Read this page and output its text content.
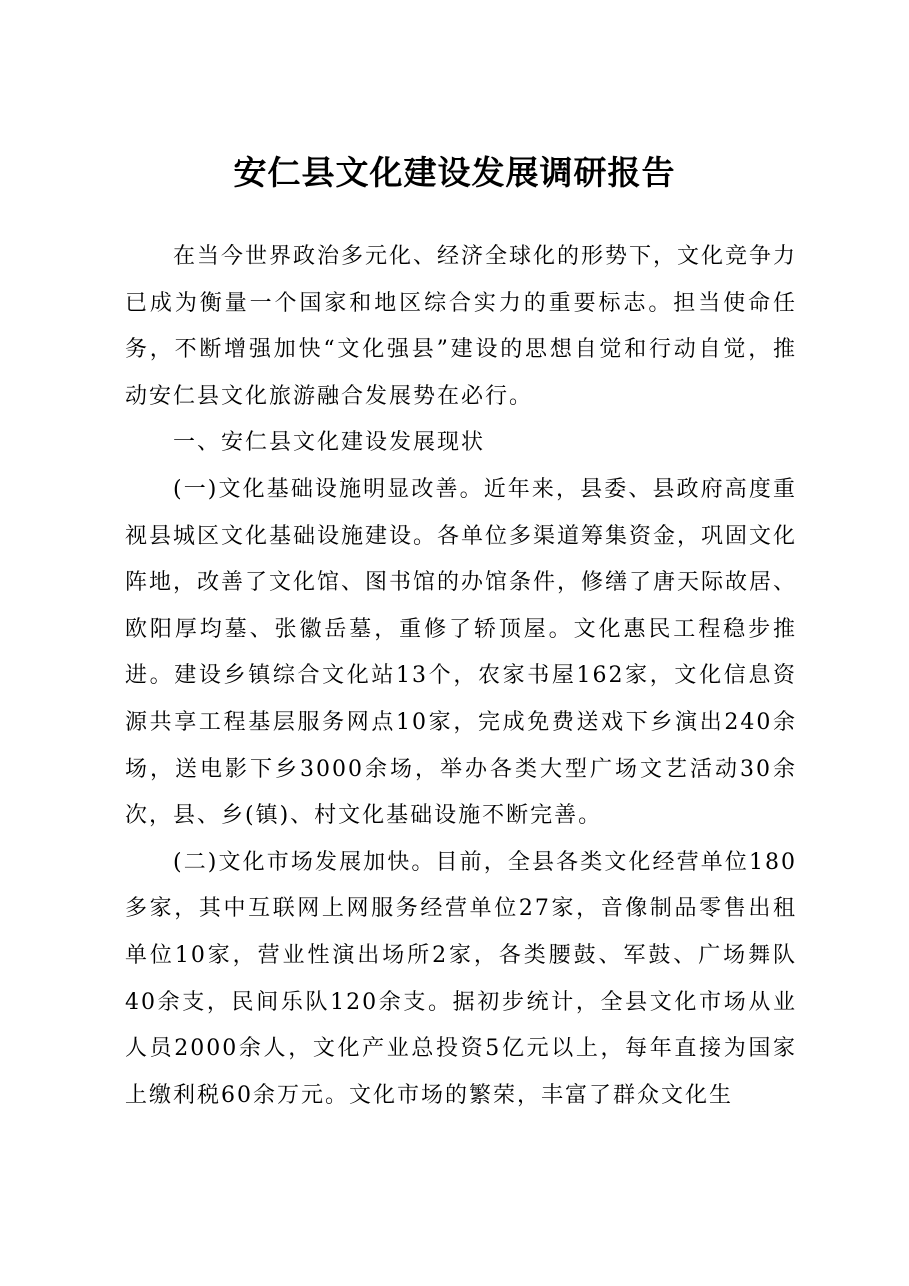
安仁县文化建设发展调研报告

在当今世界政治多元化、经济全球化的形势下，文化竞争力已成为衡量一个国家和地区综合实力的重要标志。担当使命任务，不断增强加快“文化强县”建设的思想自觉和行动自觉，推动安仁县文化旅游融合发展势在必行。

一、安仁县文化建设发展现状

(一)文化基础设施明显改善。近年来，县委、县政府高度重视县城区文化基础设施建设。各单位多渠道筹集资金，巩固文化阵地，改善了文化馆、图书馆的办馆条件，修缮了唐天际故居、欧阳厚均墓、张徽岳墓，重修了轿顶屋。文化惠民工程稳步推进。建设乡镇综合文化站13个，农家书屋162家，文化信息资源共享工程基层服务网点10家，完成免费送戏下乡演出240余场，送电影下乡3000余场，举办各类大型广场文艺活动30余次，县、乡(镇)、村文化基础设施不断完善。

(二)文化市场发展加快。目前，全县各类文化经营单位180多家，其中互联网上网服务经营单位27家，音像制品零售出租单位10家，营业性演出场所2家，各类腰鼓、军鼓、广场舞队40余支，民间乐队120余支。据初步统计，全县文化市场从业人员2000余人，文化产业总投资5亿元以上，每年直接为国家上缴利税60余万元。文化市场的繁荣，丰富了群众文化生
